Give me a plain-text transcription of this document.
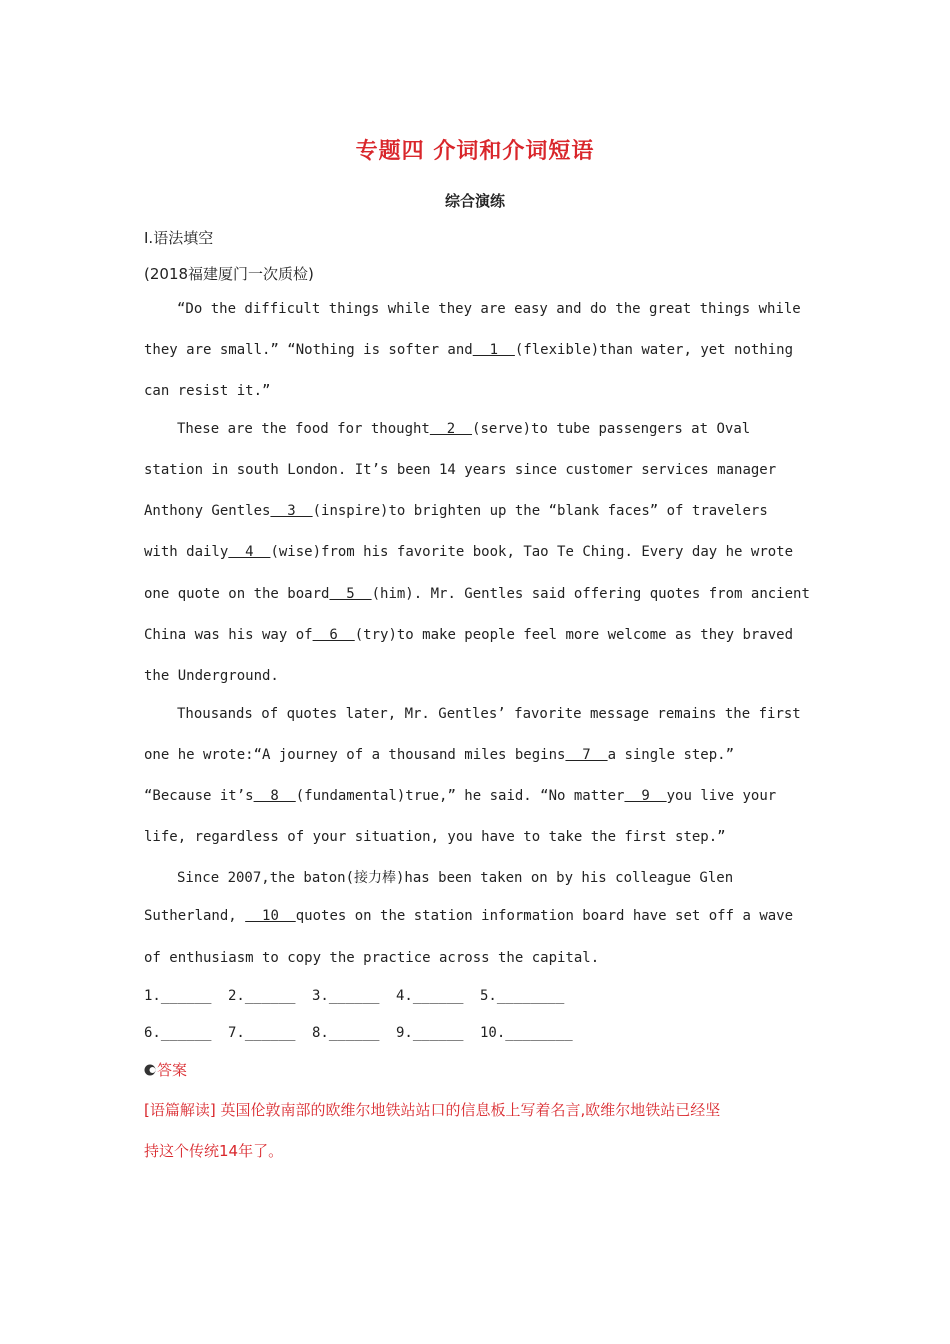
专题四 介词和介词短语
综合演练
Ⅰ.语法填空
(2018福建厦门一次质检)
“Do the difficult things while they are easy and do the great things while
they are small.” “Nothing is softer and  1  (flexible)than water, yet nothing
can resist it.”
These are the food for thought  2  (serve)to tube passengers at Oval
station in south London. It’s been 14 years since customer services manager
Anthony Gentles  3  (inspire)to brighten up the “blank faces” of travelers
with daily  4  (wise)from his favorite book, Tao Te Ching. Every day he wrote
one quote on the board  5  (him). Mr. Gentles said offering quotes from ancient
China was his way of  6  (try)to make people feel more welcome as they braved
the Underground.
Thousands of quotes later, Mr. Gentles’ favorite message remains the first
one he wrote:“A journey of a thousand miles begins  7  a single step.”
“Because it’s  8  (fundamental)true,” he said. “No matter  9  you live your
life, regardless of your situation, you have to take the first step.”
Since 2007,the baton(接力棒)has been taken on by his colleague Glen
Sutherland,   10  quotes on the station information board have set off a wave
of enthusiasm to copy the practice across the capital.
1.______ 2.______ 3.______ 4.______ 5.________
6.______ 7.______ 8.______ 9.______ 10.________
答案
[语篇解读] 英国伦敦南部的欧维尔地铁站站口的信息板上写着名言,欧维尔地铁站已经坚
持这个传统14年了。
